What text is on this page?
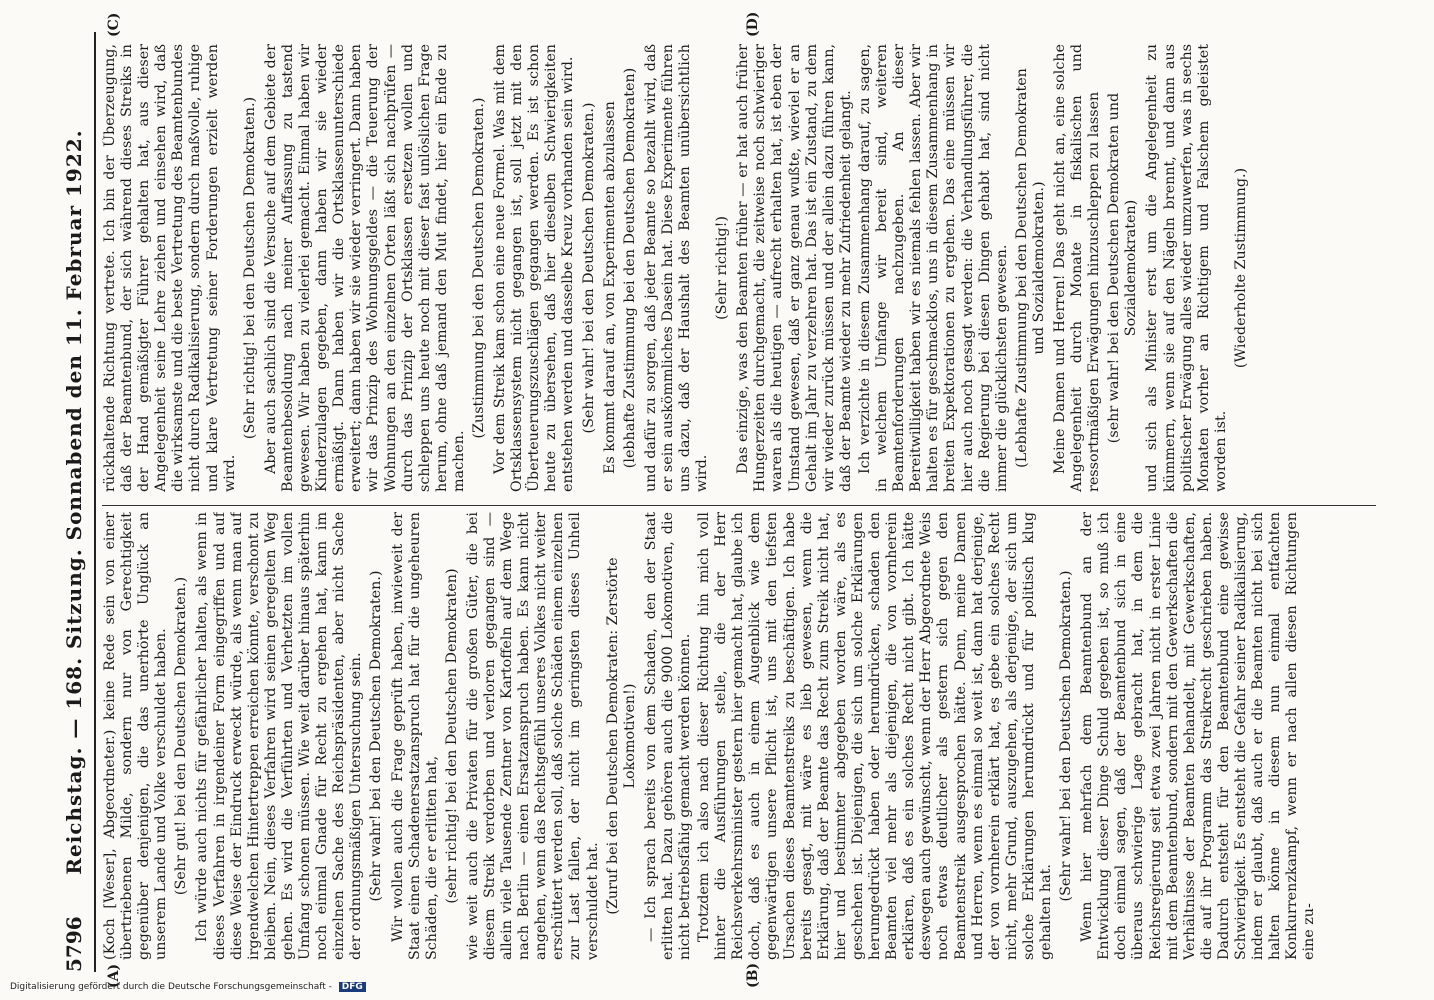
5796
Reichstag. — 168. Sitzung. Sonnabend den 11. Februar 1922.
(A)	(B)
(C)	(D)

(Koch [Weser], Abgeordneter.) keine Rede sein von einer übertriebenen Milde, sondern nur von Gerechtigkeit gegenüber denjenigen, die das unerhörte Unglück an unserem Lande und Volke verschuldet haben. (Sehr gut! bei den Deutschen Demokraten.) Ich würde auch nichts für gefährlicher halten, als wenn in dieses Verfahren in irgendeiner Form eingegriffen und auf diese Weise der Eindruck erweckt würde, als wenn man auf irgendwelchen Hintertreppen erreichen könnte, verschont zu bleiben. Nein, dieses Verfahren wird seinen geregelten Weg gehen. Es wird die Verführten und Verhetzten im vollen Umfang schonen müssen. Wie weit darüber hinaus späterhin noch einmal Gnade für Recht zu ergehen hat, kann im einzelnen Sache des Reichspräsidenten, aber nicht Sache der ordnungsmäßigen Untersuchung sein. (Sehr wahr! bei den Deutschen Demokraten.) Wir wollen auch die Frage geprüft haben, inwieweit der Staat einen Schadenersatzanspruch hat für die ungeheuren Schäden, die er erlitten hat, (sehr richtig! bei den Deutschen Demokraten) wie weit auch die Privaten für die großen Güter, die bei diesem Streik verdorben und verloren gegangen sind — allein viele Tausende Zentner von Kartoffeln auf dem Wege nach Berlin — einen Ersatzanspruch haben. Es kann nicht angehen, wenn das Rechtsgefühl unseres Volkes nicht weiter erschüttert werden soll, daß solche Schäden einem einzelnen zur Last fallen, der nicht im geringsten dieses Unheil verschuldet hat. (Zuruf bei den Deutschen Demokraten: Zerstörte Lokomotiven!) — Ich sprach bereits von dem Schaden, den der Staat erlitten hat. Dazu gehören auch die 9000 Lokomotiven, die nicht betriebsfähig gemacht werden können. Trotzdem ich also nach dieser Richtung hin mich voll hinter die Ausführungen stelle, die der Herr Reichsverkehrsminister gestern hier gemacht hat, glaube ich doch, daß es auch in einem Augenblick wie dem gegenwärtigen unsere Pflicht ist, uns mit den tiefsten Ursachen dieses Beamtenstreiks zu beschäftigen. Ich habe bereits gesagt, mit wäre es lieb gewesen, wenn die Erklärung, daß der Beamte das Recht zum Streik nicht hat, hier und bestimmter abgegeben worden wäre, als es geschehen ist. Diejenigen, die sich um solche Erklärungen herumgedrückt haben oder herumdrücken, schaden den Beamten viel mehr als diejenigen, die von vornherein erklären, daß es ein solches Recht nicht gibt. Ich hätte deswegen auch gewünscht, wenn der Herr Abgeordnete Weis noch etwas deutlicher als gestern sich gegen den Beamtenstreik ausgesprochen hätte. Denn, meine Damen und Herren, wenn es einmal so weit ist, dann hat derjenige, der von vornherein erklärt hat, es gebe ein solches Recht nicht, mehr Grund, auszugehen, als derjenige, der sich um solche Erklärungen herumdrückt und für politisch klug gehalten hat.

(Sehr wahr! bei den Deutschen Demokraten.) Wenn hier mehrfach dem Beamtenbund an der Entwicklung dieser Dinge Schuld gegeben ist, so muß ich doch einmal sagen, daß der Beamtenbund sich in eine überaus schwierige Lage gebracht hat, in dem die Reichsregierung seit etwa zwei Jahren nicht in erster Linie mit dem Beamtenbund, sondern mit den Gewerkschaften die Verhältnisse der Beamten behandelt, mit Gewerkschaften, die auf ihr Programm das Streikrecht geschrieben haben. Dadurch entsteht für den Beamtenbund eine gewisse Schwierigkeit. Es entsteht die Gefahr seiner Radikalisierung, indem er glaubt, daß auch er die Beamten nicht bei sich halten könne in diesem nun einmal entfachten Konkurrenzkampf, wenn er nach allen diesen Richtungen eine zu-

rückhaltende Richtung vertrete. Ich bin der Überzeugung, daß der Beamtenbund, der sich während dieses Streiks in der Hand gemäßigter Führer gehalten hat, aus dieser Angelegenheit seine Lehre ziehen und einsehen wird, daß die wirksamste und die beste Vertretung des Beamtenbundes nicht durch Radikalisierung, sondern durch maßvolle, ruhige und klare Vertretung seiner Forderungen erzielt werden wird.

(Sehr richtig! bei den Deutschen Demokraten.) Aber auch sachlich sind die Versuche auf dem Gebiete der Beamtenbesoldung nach meiner Auffassung zu tastend gewesen. Wir haben zu vielerlei gemacht. Einmal haben wir Kinderzulagen gegeben, dann haben wir sie wieder ermäßigt. Dann haben wir die Ortsklassenunterschiede erweitert; dann haben wir sie wieder verringert. Dann haben wir das Prinzip des Wohnungsgeldes — die Teuerung der Wohnungen an den einzelnen Orten läßt sich nachprüfen — durch das Prinzip der Ortsklassen ersetzen wollen und schleppen uns heute noch mit dieser fast unlöslichen Frage herum, ohne daß jemand den Mut findet, hier ein Ende zu machen.

(Zustimmung bei den Deutschen Demokraten.) Vor dem Streik kam schon eine neue Formel. Was mit dem Ortsklassensystem nicht gegangen ist, soll jetzt mit den Überteuerungszuschlägen gegangen werden. Es ist schon heute zu übersehen, daß hier dieselben Schwierigkeiten entstehen werden und dasselbe Kreuz vorhanden sein wird. (Sehr wahr! bei den Deutschen Demokraten.) Es kommt darauf an, von Experimenten abzulassen (lebhafte Zustimmung bei den Deutschen Demokraten) und dafür zu sorgen, daß jeder Beamte so bezahlt wird, daß er sein auskömmliches Dasein hat. Diese Experimente führen uns dazu, daß der Haushalt des Beamten unübersichtlich wird.

(Sehr richtig!) Das einzige, was den Beamten früher — er hat auch früher Hungerzeiten durchgemacht, die zeitweise noch schwieriger waren als die heutigen — aufrecht erhalten hat, ist eben der Umstand gewesen, daß er ganz genau wußte, wieviel er an Gehalt im Jahr zu verzehren hat. Das ist ein Zustand, zu dem wir wieder zurück müssen und der allein dazu führen kann, daß der Beamte wieder zu mehr Zufriedenheit gelangt. Ich verzichte in diesem Zusammenhang darauf, zu sagen, in welchem Umfange wir bereit sind, weiteren Beamtenforderungen nachzugeben. An dieser Bereitwilligkeit haben wir es niemals fehlen lassen. Aber wir halten es für geschmacklos, uns in diesem Zusammenhang in breiten Expektorationen zu ergehen. Das eine müssen wir hier auch noch gesagt werden: die Verhandlungsführer, die die Regierung bei diesen Dingen gehabt hat, sind nicht immer die glücklichsten gewesen. (Lebhafte Zustimmung bei den Deutschen Demokraten und Sozialdemokraten.) Meine Damen und Herren! Das geht nicht an, eine solche Angelegenheit durch Monate in fiskalischen und ressortmäßigen Erwägungen hinzuschleppen zu lassen (sehr wahr! bei den Deutschen Demokraten und Sozialdemokraten) und sich als Minister erst um die Angelegenheit zu kümmern, wenn sie auf den Nägeln brennt, und dann aus politischer Erwägung alles wieder umzuwerfen, was in sechs Monaten vorher an Richtigem und Falschem geleistet worden ist.

(Wiederholte Zustimmung.)

Digitalisierung gefördert durch die Deutsche Forschungsgemeinschaft - DFG
